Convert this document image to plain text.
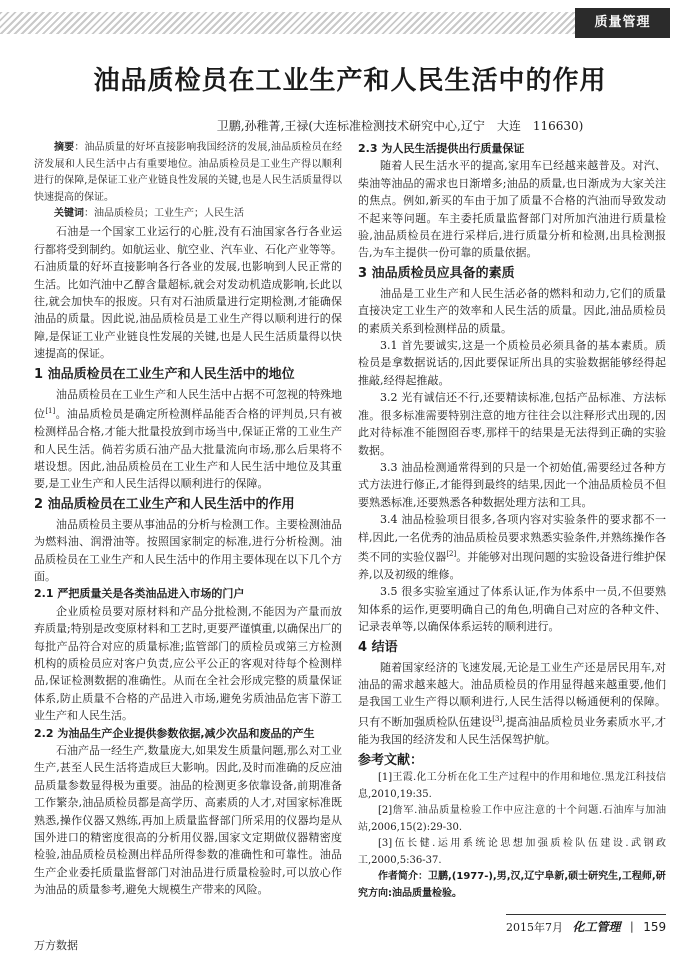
质量管理
油品质检员在工业生产和人民生活中的作用
卫鹏,孙稚菁,王禄(大连标准检测技术研究中心,辽宁　大连　116630)

摘要：油品质量的好坏直接影响我国经济的发展,油品质检员在经济发展和人民生活中占有重要地位。油品质检员是工业生产得以顺利进行的保障,是保证工业产业链良性发展的关键,也是人民生活质量得以快速提高的保证。

关键词：油品质检员；工业生产；人民生活

石油是一个国家工业运行的心脏,没有石油国家各行各业运行都将受到制约。如航运业、航空业、汽车业、石化产业等等。石油质量的好坏直接影响各行各业的发展,也影响到人民正常的生活。比如汽油中乙醇含量超标,就会对发动机造成影响,长此以往,就会加快车的报废。只有对石油质量进行定期检测,才能确保油品的质量。因此说,油品质检员是工业生产得以顺利进行的保障,是保证工业产业链良性发展的关键,也是人民生活质量得以快速提高的保证。

1 油品质检员在工业生产和人民生活中的地位

油品质检员在工业生产和人民生活中占据不可忽视的特殊地位[1]。油品质检员是确定所检测样品能否合格的评判员,只有被检测样品合格,才能大批量投放到市场当中,保证正常的工业生产和人民生活。倘若劣质石油产品大批量流向市场,那么后果将不堪设想。因此,油品质检员在工业生产和人民生活中地位及其重要,是工业生产和人民生活得以顺利进行的保障。

2 油品质检员在工业生产和人民生活中的作用

油品质检员主要从事油品的分析与检测工作。主要检测油品为燃料油、润滑油等。按照国家制定的标准,进行分析检测。油品质检员在工业生产和人民生活中的作用主要体现在以下几个方面。

2.1 严把质量关是各类油品进入市场的门户

企业质检员要对原材料和产品分批检测,不能因为产量而放弃质量;特别是改变原材料和工艺时,更要严谨慎重,以确保出厂的每批产品符合对应的质量标准;监管部门的质检员或第三方检测机构的质检员应对客户负责,应公平公正的客观对待每个检测样品,保证检测数据的准确性。从而在全社会形成完整的质量保证体系,防止质量不合格的产品进入市场,避免劣质油品危害下游工业生产和人民生活。

2.2 为油品生产企业提供参数依据,减少次品和废品的产生

石油产品一经生产,数量庞大,如果发生质量问题,那么对工业生产,甚至人民生活将造成巨大影响。因此,及时而准确的反应油品质量参数显得极为重要。油品的检测更多依靠设备,前期准备工作繁杂,油品质检员都是高学历、高素质的人才,对国家标准既熟悉,操作仪器又熟练,再加上质量监督部门所采用的仪器均是从国外进口的精密度很高的分析用仪器,国家文定期做仪器精密度检验,油品质检员检测出样品所得参数的准确性和可靠性。油品生产企业委托质量监督部门对油品进行质量检验时,可以放心作为油品的质量参考,避免大规模生产带来的风险。

2.3 为人民生活提供出行质量保证

随着人民生活水平的提高,家用车已经越来越普及。对汽、柴油等油品的需求也日渐增多;油品的质量,也日渐成为大家关注的焦点。例如,新买的车由于加了质量不合格的汽油而导致发动不起来等问题。车主委托质量监督部门对所加汽油进行质量检验,油品质检员在进行采样后,进行质量分析和检测,出具检测报告,为车主提供一份可靠的质量依据。

3 油品质检员应具备的素质

油品是工业生产和人民生活必备的燃料和动力,它们的质量直接决定工业生产的效率和人民生活的质量。因此,油品质检员的素质关系到检测样品的质量。

3.1 首先要诚实,这是一个质检员必须具备的基本素质。质检员是拿数据说话的,因此要保证所出具的实验数据能够经得起推敲,经得起推敲。

3.2 光有诚信还不行,还要精读标准,包括产品标准、方法标准。很多标准需要特别注意的地方往往会以注释形式出现的,因此对待标准不能囫囵吞枣,那样干的结果是无法得到正确的实验数据。

3.3 油品检测通常得到的只是一个初始值,需要经过各种方式方法进行修正,才能得到最终的结果,因此一个油品质检员不但要熟悉标准,还要熟悉各种数据处理方法和工具。

3.4 油品检验项目很多,各项内容对实验条件的要求都不一样,因此,一名优秀的油品质检员要求熟悉实验条件,并熟练操作各类不同的实验仪器[2]。并能够对出现问题的实验设备进行维护保养,以及初级的维修。

3.5 很多实验室通过了体系认证,作为体系中一员,不但要熟知体系的运作,更要明确自己的角色,明确自己对应的各种文件、记录表单等,以确保体系运转的顺利进行。

4 结语

随着国家经济的飞速发展,无论是工业生产还是居民用车,对油品的需求越来越大。油品质检员的作用显得越来越重要,他们是我国工业生产得以顺利进行,人民生活得以畅通便利的保障。只有不断加强质检队伍建设[3],提高油品质检员业务素质水平,才能为我国的经济发和人民生活保驾护航。

参考文献：

[1]王霞.化工分析在化工生产过程中的作用和地位.黑龙江科技信息,2010,19:35.

[2]詹军.油品质量检验工作中应注意的十个问题.石油库与加油站,2006,15(2):29-30.

[3]伍长健.运用系统论思想加强质检队伍建设.武钢政工,2000,5:36-37.

作者简介：卫鹏,(1977-),男,汉,辽宁阜新,硕士研究生,工程师,研究方向:油品质量检验。

2015年7月 化工管理 | 159
万方数据
